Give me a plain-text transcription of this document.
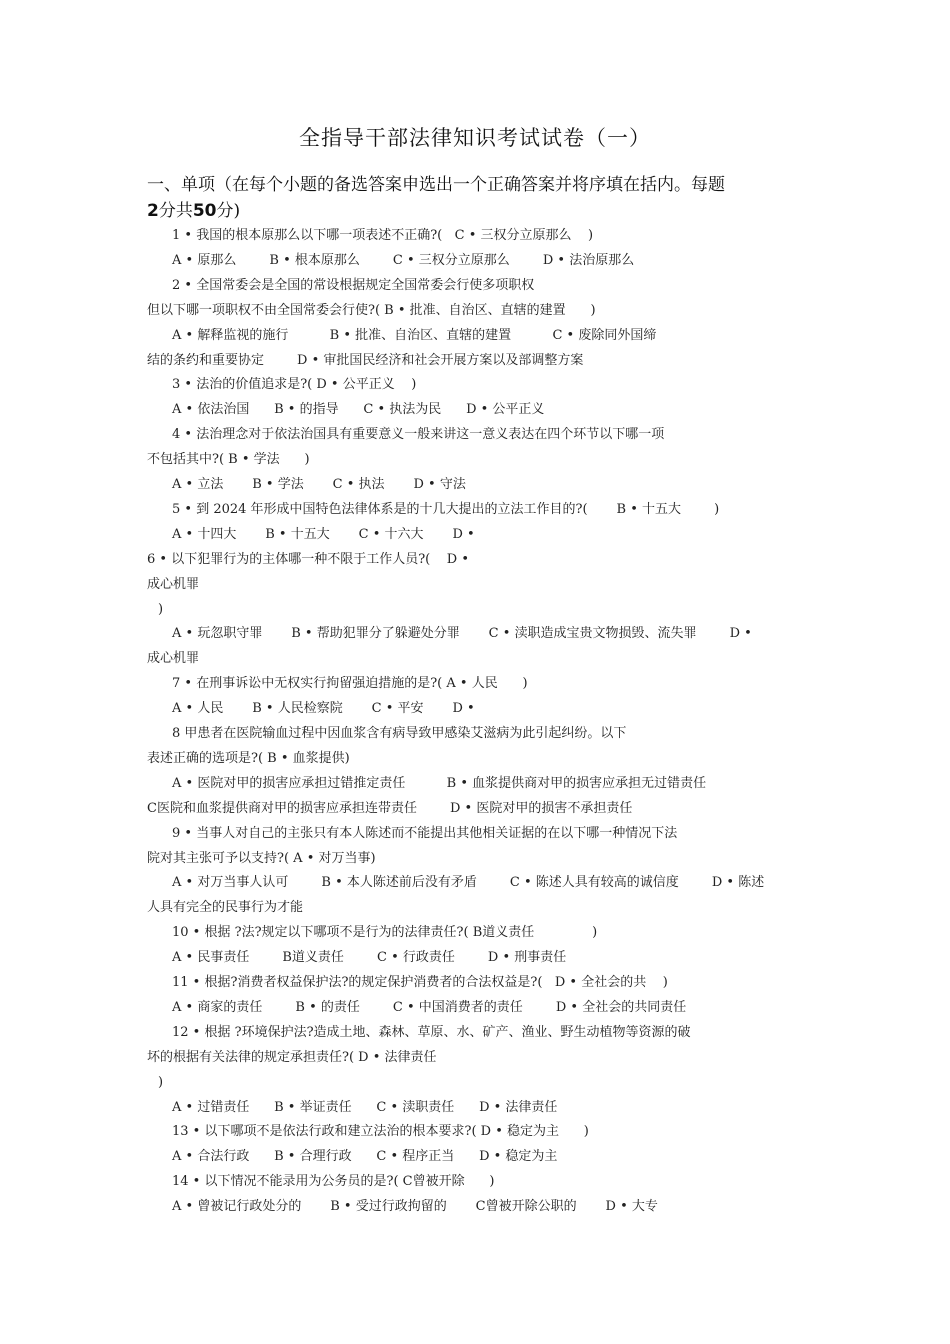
全指导干部法律知识考试试卷（一）
一、单项（在每个小题的备选答案申选出一个正确答案并将序填在括内。每题
2分共50分)
1 • 我国的根本原那么以下哪一项表述不正确?(   C • 三权分立原那么    )
A • 原那么        B • 根本原那么        C • 三权分立原那么        D • 法治原那么
2 • 全国常委会是全国的常设根据规定全国常委会行使多项职权
但以下哪一项职权不由全国常委会行使?( B • 批准、自治区、直辖的建置      )
A • 解释监视的施行          B • 批准、自治区、直辖的建置          C • 废除同外国缔
结的条约和重要协定        D • 审批国民经济和社会开展方案以及部调整方案
3 • 法治的价值追求是?( D • 公平正义    )
A • 依法治国      B • 的指导      C • 执法为民      D • 公平正义
4 • 法治理念对于依法治国具有重要意义一般来讲这一意义表达在四个环节以下哪一项
不包括其中?( B • 学法      )
A • 立法       B • 学法       C • 执法       D • 守法
5 • 到 2024 年形成中国特色法律体系是的十几大提出的立法工作目的?(       B • 十五大        )
A • 十四大       B • 十五大       C • 十六大       D •
6 • 以下犯罪行为的主体哪一种不限于工作人员?(    D •
成心机罪
)
A • 玩忽职守罪       B • 帮助犯罪分了躲避处分罪       C • 渎职造成宝贵文物损毁、流失罪        D •
成心机罪
7 • 在刑事诉讼中无权实行拘留强迫措施的是?( A • 人民      )
A • 人民       B • 人民检察院       C • 平安       D •
8 甲患者在医院输血过程中因血浆含有病导致甲感染艾滋病为此引起纠纷。以下
表述正确的选项是?( B • 血浆提供)
A • 医院对甲的损害应承担过错推定责任          B • 血浆提供商对甲的损害应承担无过错责任
C医院和血浆提供商对甲的损害应承担连带责任        D • 医院对甲的损害不承担责任
9 • 当事人对自己的主张只有本人陈述而不能提出其他相关证据的在以下哪一种情况下法
院对其主张可予以支持?( A • 对万当事)
A • 对万当事人认可        B • 本人陈述前后没有矛盾        C • 陈述人具有较高的诚信度        D • 陈述
人具有完全的民事行为才能
10 • 根据 ?法?规定以下哪项不是行为的法律责任?( B道义责任              )
A • 民事责任        B道义责任        C • 行政责任        D • 刑事责任
11 • 根据?消费者权益保护法?的规定保护消费者的合法权益是?(   D • 全社会的共    )
A • 商家的责任        B • 的责任        C • 中国消费者的责任        D • 全社会的共同责任
12 • 根据 ?环境保护法?造成土地、森林、草原、水、矿产、渔业、野生动植物等资源的破
坏的根据有关法律的规定承担责任?( D • 法律责任
)
A • 过错责任      B • 举证责任      C • 渎职责任      D • 法律责任
13 • 以下哪项不是依法行政和建立法治的根本要求?( D • 稳定为主      )
A • 合法行政      B • 合理行政      C • 程序正当      D • 稳定为主
14 • 以下情况不能录用为公务员的是?( C曾被开除      )
A • 曾被记行政处分的       B • 受过行政拘留的       C曾被开除公职的       D • 大专
